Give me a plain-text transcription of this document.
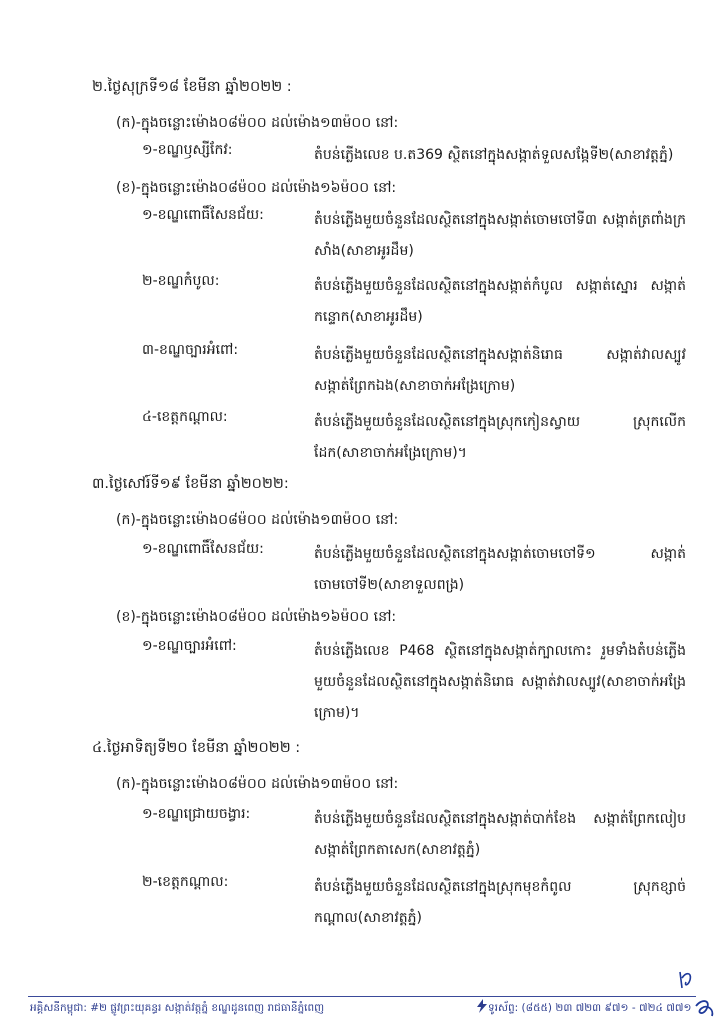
២.ថ្ងៃសុក្រទី១៨ ខែមីនា ឆ្នាំ២០២២ :
(ក)-ក្នុងចន្លោះម៉ោង០៨ម៉០០ ដល់ម៉ោង១៣ម៉០០ នៅ:
១-ខណ្ឌឫស្សីកែវ:	តំបន់ភ្លើងលេខ ប.ត369 ស្ថិតនៅក្នុងសង្កាត់ទួលសង្កែទី២(សាខាវត្តភ្នំ)
(ខ)-ក្នុងចន្លោះម៉ោង០៨ម៉០០ ដល់ម៉ោង១៦ម៉០០ នៅ:
១-ខណ្ឌពោធិ៍សែនជ័យ:	តំបន់ភ្លើងមួយចំនួនដែលស្ថិតនៅក្នុងសង្កាត់ចោមចៅទី៣ សង្កាត់ត្រពាំងក្រសាំង(សាខាអូរដឹម)
២-ខណ្ឌកំបូល:	តំបន់ភ្លើងមួយចំនួនដែលស្ថិតនៅក្នុងសង្កាត់កំបូល សង្កាត់ស្នោរ សង្កាត់កន្ទោក(សាខាអូរដឹម)
៣-ខណ្ឌច្បារអំពៅ:	តំបន់ភ្លើងមួយចំនួនដែលស្ថិតនៅក្នុងសង្កាត់និរោធ សង្កាត់វាលស្បូវ សង្កាត់ព្រែកឯង(សាខាចាក់អង្រែក្រោម)
៤-ខេត្តកណ្តាល:	តំបន់ភ្លើងមួយចំនួនដែលស្ថិតនៅក្នុងស្រុកកៀនស្វាយ ស្រុកលើកដែក(សាខាចាក់អង្រែក្រោម)។
៣.ថ្ងៃសៅរ៍ទី១៩ ខែមីនា ឆ្នាំ២០២២:
(ក)-ក្នុងចន្លោះម៉ោង០៨ម៉០០ ដល់ម៉ោង១៣ម៉០០ នៅ:
១-ខណ្ឌពោធិ៍សែនជ័យ:	តំបន់ភ្លើងមួយចំនួនដែលស្ថិតនៅក្នុងសង្កាត់ចោមចៅទី១ សង្កាត់ចោមចៅទី២(សាខាទួលពង្រ)
(ខ)-ក្នុងចន្លោះម៉ោង០៨ម៉០០ ដល់ម៉ោង១៦ម៉០០ នៅ:
១-ខណ្ឌច្បារអំពៅ:	តំបន់ភ្លើងលេខ P468 ស្ថិតនៅក្នុងសង្កាត់ក្បាលកោះ រួមទាំងតំបន់ភ្លើងមួយចំនួនដែលស្ថិតនៅក្នុងសង្កាត់និរោធ សង្កាត់វាលស្បូវ(សាខាចាក់អង្រែក្រោម)។
៤.ថ្ងៃអាទិត្យទី២០ ខែមីនា ឆ្នាំ២០២២ :
(ក)-ក្នុងចន្លោះម៉ោង០៨ម៉០០ ដល់ម៉ោង១៣ម៉០០ នៅ:
១-ខណ្ឌជ្រោយចង្វារ:	តំបន់ភ្លើងមួយចំនួនដែលស្ថិតនៅក្នុងសង្កាត់បាក់ខែង សង្កាត់ព្រែកលៀបសង្កាត់ព្រែកតាសេក(សាខាវត្តភ្នំ)
២-ខេត្តកណ្តាល:	តំបន់ភ្លើងមួយចំនួនដែលស្ថិតនៅក្នុងស្រុកមុខកំពូល ស្រុកខ្សាច់កណ្តាល(សាខាវត្តភ្នំ)
អគ្គិសនីកម្ពុជា: #២ ផ្លូវព្រះយុគន្ធរ សង្កាត់វត្តភ្នំ ខណ្ឌដូនពេញ រាជធានីភ្នំពេញ	ទូរស័ព្ទ: (៨៥៥) ២៣ ៧២៣ ៩៧១ - ៧២៤ ៧៧១
